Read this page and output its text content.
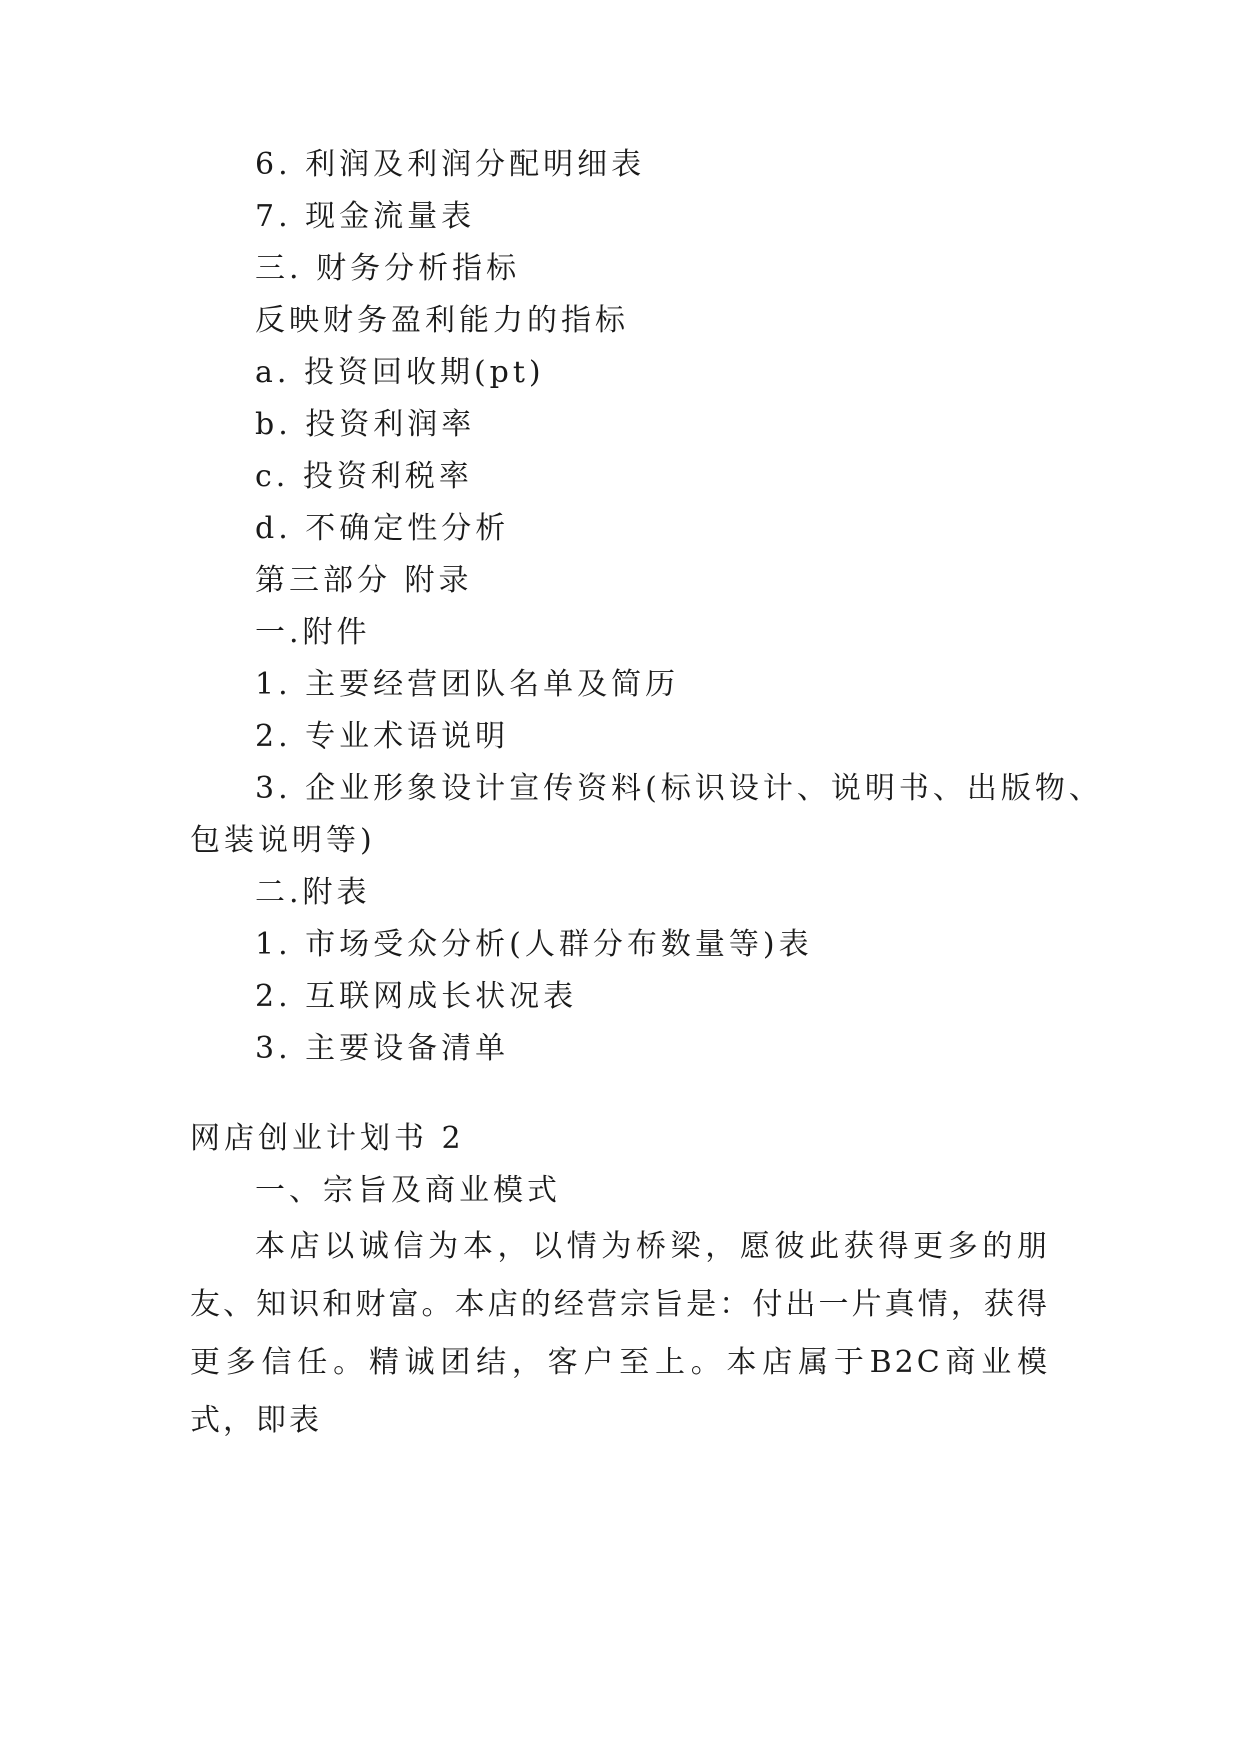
6. 利润及利润分配明细表
7. 现金流量表
三. 财务分析指标
反映财务盈利能力的指标
a. 投资回收期(pt)
b. 投资利润率
c. 投资利税率
d. 不确定性分析
第三部分 附录
一.附件
1. 主要经营团队名单及简历
2. 专业术语说明
3. 企业形象设计宣传资料(标识设计、说明书、出版物、
包装说明等)
二.附表
1. 市场受众分析(人群分布数量等)表
2. 互联网成长状况表
3. 主要设备清单
网店创业计划书 2
一、宗旨及商业模式
本店以诚信为本，以情为桥梁，愿彼此获得更多的朋友、知识和财富。本店的经营宗旨是：付出一片真情，获得更多信任。精诚团结，客户至上。本店属于B2C商业模式，即表
